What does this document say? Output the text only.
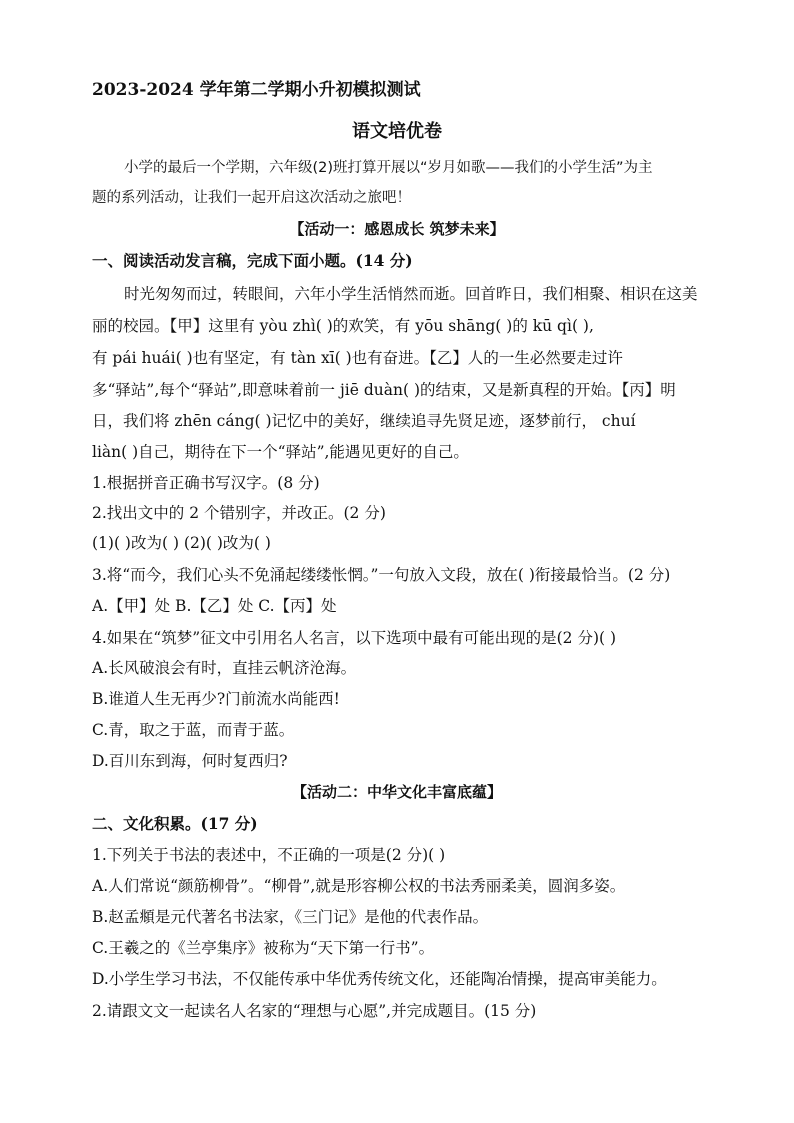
2023-2024 学年第二学期小升初模拟测试
语文培优卷
小学的最后一个学期，六年级(2)班打算开展以“岁月如歌——我们的小学生活”为主
题的系列活动，让我们一起开启这次活动之旅吧！
【活动一：感恩成长 筑梦未来】
一、阅读活动发言稿，完成下面小题。(14 分)
时光匆匆而过，转眼间，六年小学生活悄然而逝。回首昨日，我们相聚、相识在这美
丽的校园。【甲】这里有 yòu zhì( )的欢笑，有 yōu shāng( )的 kū qì( ),
有 pái huái( )也有坚定，有 tàn xī( )也有奋进。【乙】人的一生必然要走过许
多“驿站”,每个“驿站”,即意味着前一 jiē duàn( )的结束，又是新真程的开始。【丙】明
日，我们将 zhēn cáng( )记忆中的美好，继续追寻先贤足迹，逐梦前行， chuí
liàn( )自己，期待在下一个“驿站”,能遇见更好的自己。
1.根据拼音正确书写汉字。(8 分)
2.找出文中的 2 个错别字，并改正。(2 分)
(1)( )改为( ) (2)( )改为( )
3.将“而今，我们心头不免涌起缕缕怅惘。”一句放入文段，放在( )衔接最恰当。(2 分)
A.【甲】处 B.【乙】处 C.【丙】处
4.如果在“筑梦”征文中引用名人名言，以下选项中最有可能出现的是(2 分)( )
A.长风破浪会有时，直挂云帆济沧海。
B.谁道人生无再少?门前流水尚能西!
C.青，取之于蓝，而青于蓝。
D.百川东到海，何时复西归?
【活动二：中华文化丰富底蕴】
二、文化积累。(17 分)
1.下列关于书法的表述中，不正确的一项是(2 分)( )
A.人们常说“颜筋柳骨”。“柳骨”,就是形容柳公权的书法秀丽柔美，圆润多姿。
B.赵孟頫是元代著名书法家，《三门记》是他的代表作品。
C.王羲之的《兰亭集序》被称为“天下第一行书”。
D.小学生学习书法，不仅能传承中华优秀传统文化，还能陶冶情操，提高审美能力。
2.请跟文文一起读名人名家的“理想与心愿”,并完成题目。(15 分)
